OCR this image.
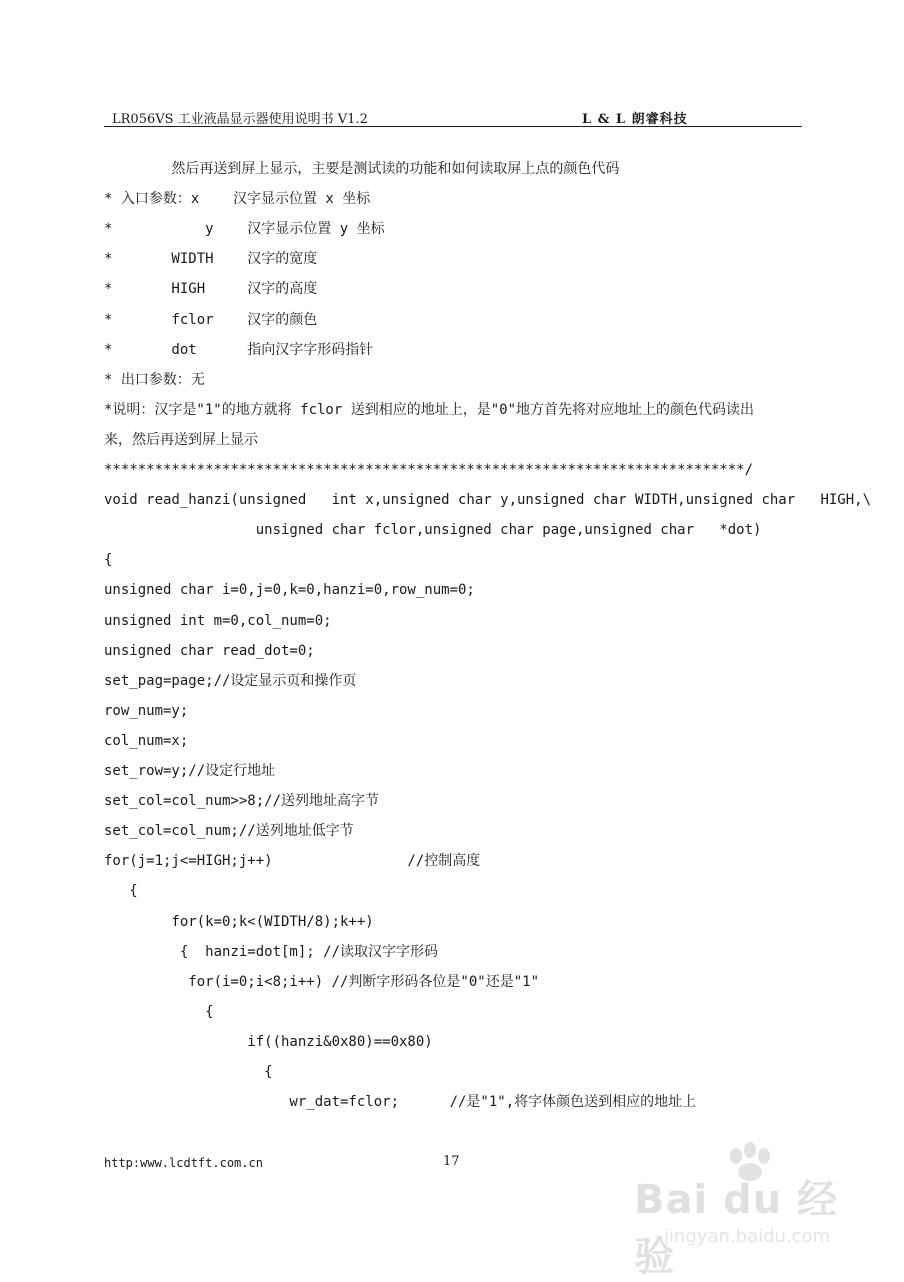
LR056VS 工业液晶显示器使用说明书 V1.2	L & L 朗睿科技
然后再送到屏上显示，主要是测试读的功能和如何读取屏上点的颜色代码
* 入口参数：x    汉字显示位置 x 坐标
*           y    汉字显示位置 y 坐标
*       WIDTH    汉字的宽度
*       HIGH     汉字的高度
*       fclor    汉字的颜色
*       dot      指向汉字字形码指针
* 出口参数：无
*说明：汉字是"1"的地方就将 fclor 送到相应的地址上，是"0"地方首先将对应地址上的颜色代码读出
来，然后再送到屏上显示
****************************************************************************/
void read_hanzi(unsigned   int x,unsigned char y,unsigned char WIDTH,unsigned char   HIGH,\
unsigned char fclor,unsigned char page,unsigned char   *dot)
{
unsigned char i=0,j=0,k=0,hanzi=0,row_num=0;
unsigned int m=0,col_num=0;
unsigned char read_dot=0;
set_pag=page;//设定显示页和操作页
row_num=y;
col_num=x;
set_row=y;//设定行地址
set_col=col_num>>8;//送列地址高字节
set_col=col_num;//送列地址低字节
for(j=1;j<=HIGH;j++)                //控制高度
{
for(k=0;k<(WIDTH/8);k++)
{  hanzi=dot[m]; //读取汉字字形码
for(i=0;i<8;i++) //判断字形码各位是"0"还是"1"
{
if((hanzi&0x80)==0x80)
{
wr_dat=fclor;      //是"1",将字体颜色送到相应的地址上
http:www.lcdtft.com.cn	17
Bai du 经验
jingyan.baidu.com
